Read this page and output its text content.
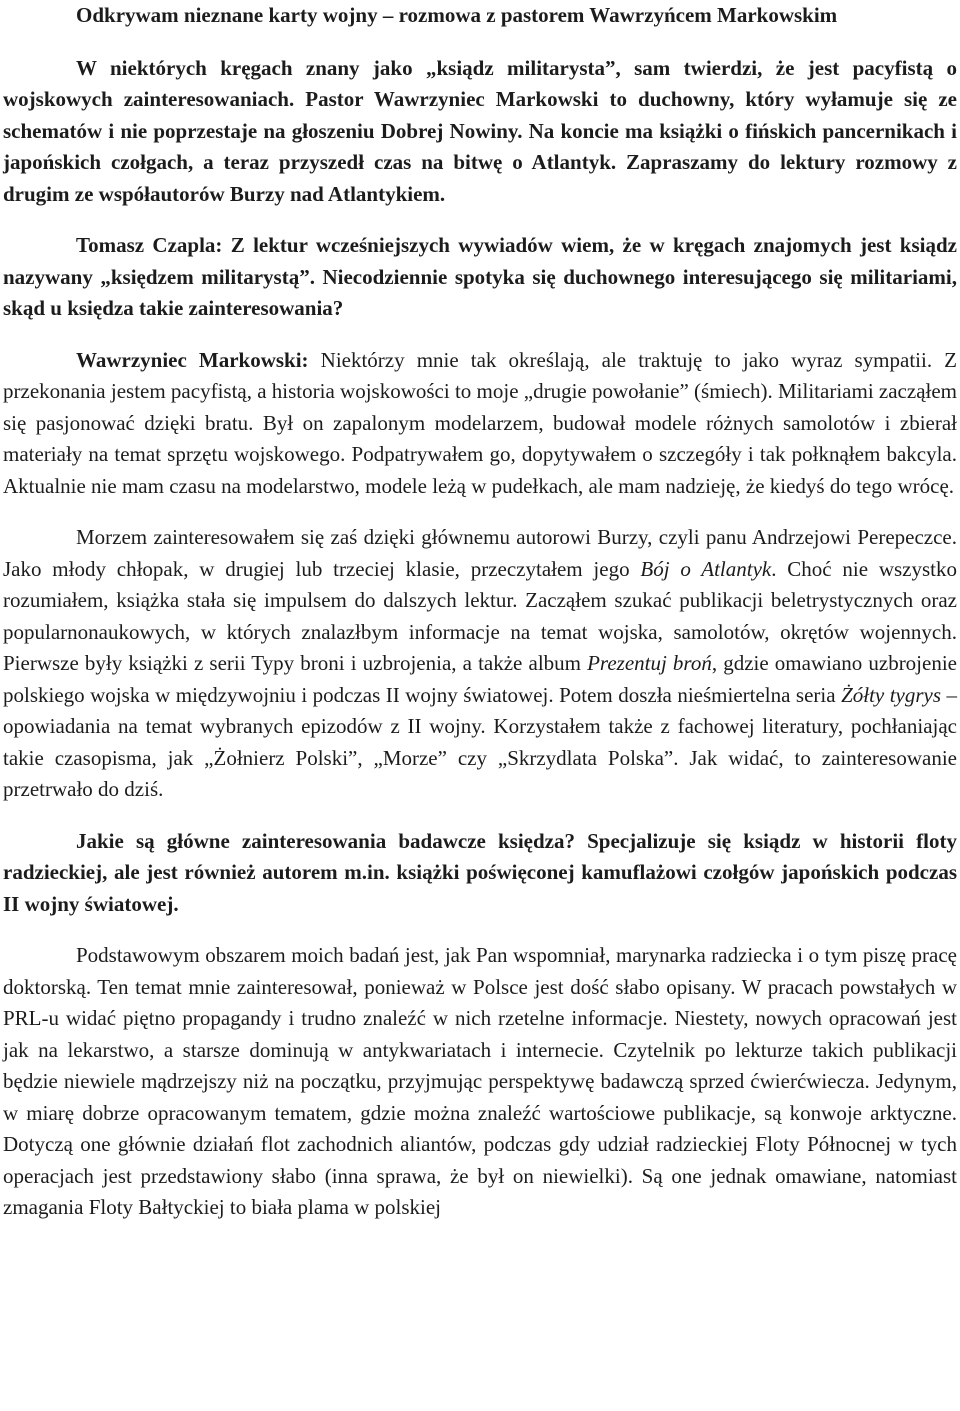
Odkrywam nieznane karty wojny – rozmowa z pastorem Wawrzyńcem Markowskim

W niektórych kręgach znany jako „ksiądz militarysta”, sam twierdzi, że jest pacyfistą o wojskowych zainteresowaniach. Pastor Wawrzyniec Markowski to duchowny, który wyłamuje się ze schematów i nie poprzestaje na głoszeniu Dobrej Nowiny. Na koncie ma książki o fińskich pancernikach i japońskich czołgach, a teraz przyszedł czas na bitwę o Atlantyk. Zapraszamy do lektury rozmowy z drugim ze współautorów Burzy nad Atlantykiem.

Tomasz Czapla: Z lektur wcześniejszych wywiadów wiem, że w kręgach znajomych jest ksiądz nazywany „księdzem militarystą”. Niecodziennie spotyka się duchownego interesującego się militariami, skąd u księdza takie zainteresowania?

Wawrzyniec Markowski: Niektórzy mnie tak określają, ale traktuję to jako wyraz sympatii. Z przekonania jestem pacyfistą, a historia wojskowości to moje „drugie powołanie” (śmiech). Militariami zacząłem się pasjonować dzięki bratu. Był on zapalonym modelarzem, budował modele różnych samolotów i zbierał materiały na temat sprzętu wojskowego. Podpatrywałem go, dopytywałem o szczegóły i tak połknąłem bakcyla. Aktualnie nie mam czasu na modelarstwo, modele leżą w pudełkach, ale mam nadzieję, że kiedyś do tego wrócę.

Morzem zainteresowałem się zaś dzięki głównemu autorowi Burzy, czyli panu Andrzejowi Perepeczce. Jako młody chłopak, w drugiej lub trzeciej klasie, przeczytałem jego Bój o Atlantyk. Choć nie wszystko rozumiałem, książka stała się impulsem do dalszych lektur. Zacząłem szukać publikacji beletrystycznych oraz popularnonaukowych, w których znalazłbym informacje na temat wojska, samolotów, okrętów wojennych. Pierwsze były książki z serii Typy broni i uzbrojenia, a także album Prezentuj broń, gdzie omawiano uzbrojenie polskiego wojska w międzywojniu i podczas II wojny światowej. Potem doszła nieśmiertelna seria Żółty tygrys – opowiadania na temat wybranych epizodów z II wojny. Korzystałem także z fachowej literatury, pochłaniając takie czasopisma, jak „Żołnierz Polski”, „Morze” czy „Skrzydlata Polska”. Jak widać, to zainteresowanie przetrwało do dziś.

Jakie są główne zainteresowania badawcze księdza? Specjalizuje się ksiądz w historii floty radzieckiej, ale jest również autorem m.in. książki poświęconej kamuflażowi czołgów japońskich podczas II wojny światowej.

Podstawowym obszarem moich badań jest, jak Pan wspomniał, marynarka radziecka i o tym piszę pracę doktorską. Ten temat mnie zainteresował, ponieważ w Polsce jest dość słabo opisany. W pracach powstałych w PRL-u widać piętno propagandy i trudno znaleźć w nich rzetelne informacje. Niestety, nowych opracowań jest jak na lekarstwo, a starsze dominują w antykwariatach i internecie. Czytelnik po lekturze takich publikacji będzie niewiele mądrzejszy niż na początku, przyjmując perspektywę badawczą sprzed ćwierćwiecza. Jedynym, w miarę dobrze opracowanym tematem, gdzie można znaleźć wartościowe publikacje, są konwoje arktyczne. Dotyczą one głównie działań flot zachodnich aliantów, podczas gdy udział radzieckiej Floty Północnej w tych operacjach jest przedstawiony słabo (inna sprawa, że był on niewielki). Są one jednak omawiane, natomiast zmagania Floty Bałtyckiej to biała plama w polskiej
